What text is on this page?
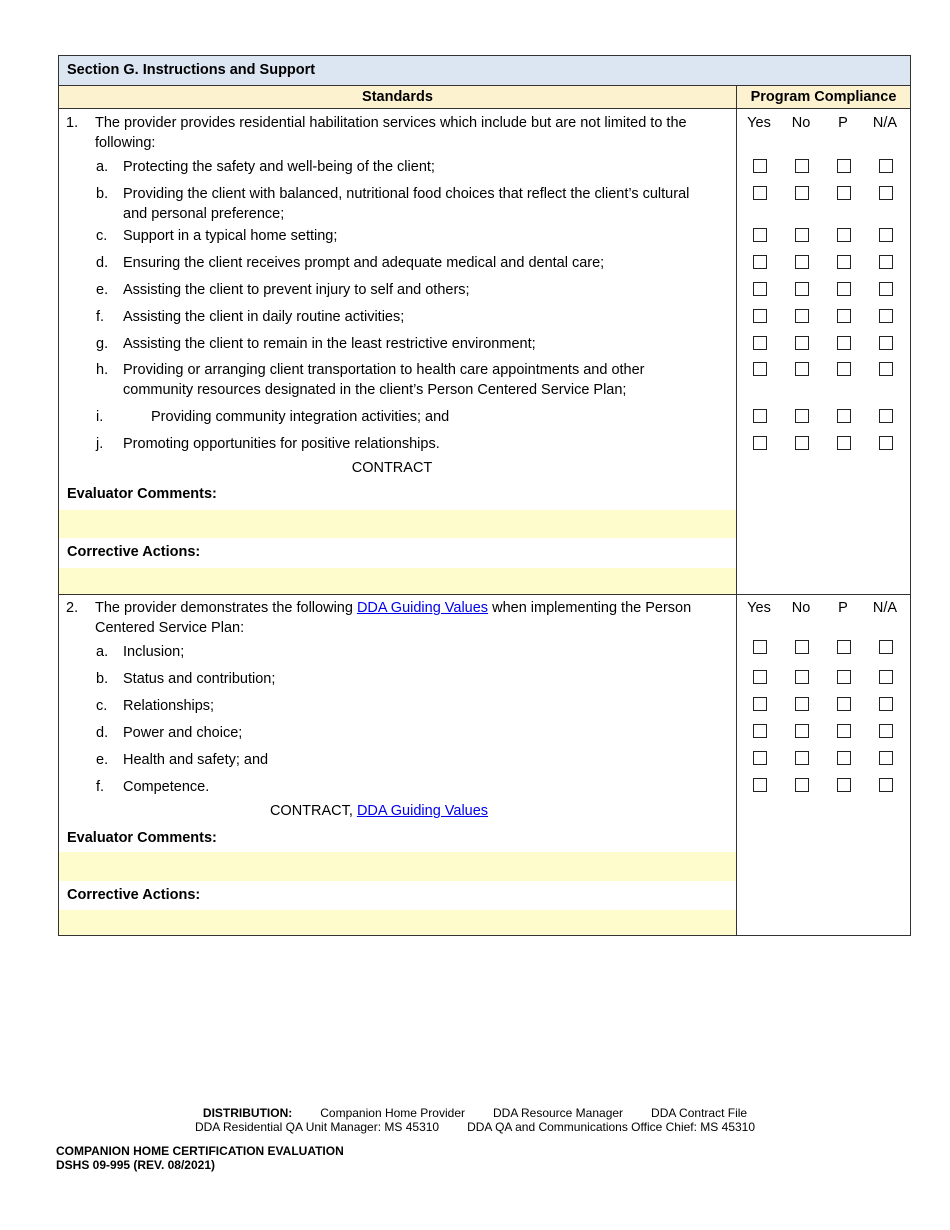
Section G. Instructions and Support
Standards	Program Compliance
1. The provider provides residential habilitation services which include but are not limited to the following:
Yes	No	P	N/A
a. Protecting the safety and well-being of the client;
b. Providing the client with balanced, nutritional food choices that reflect the client’s cultural and personal preference;
c. Support in a typical home setting;
d. Ensuring the client receives prompt and adequate medical and dental care;
e. Assisting the client to prevent injury to self and others;
f. Assisting the client in daily routine activities;
g. Assisting the client to remain in the least restrictive environment;
h. Providing or arranging client transportation to health care appointments and other community resources designated in the client’s Person Centered Service Plan;
i.	Providing community integration activities; and
j. Promoting opportunities for positive relationships.
CONTRACT
Evaluator Comments:
Corrective Actions:
2. The provider demonstrates the following DDA Guiding Values when implementing the Person Centered Service Plan:
Yes	No	P	N/A
a. Inclusion;
b. Status and contribution;
c. Relationships;
d. Power and choice;
e. Health and safety; and
f. Competence.
CONTRACT, DDA Guiding Values
Evaluator Comments:
Corrective Actions:
DISTRIBUTION: Companion Home Provider DDA Resource Manager DDA Contract File
DDA Residential QA Unit Manager: MS 45310 DDA QA and Communications Office Chief: MS 45310
COMPANION HOME CERTIFICATION EVALUATION
DSHS 09-995 (REV. 08/2021)
